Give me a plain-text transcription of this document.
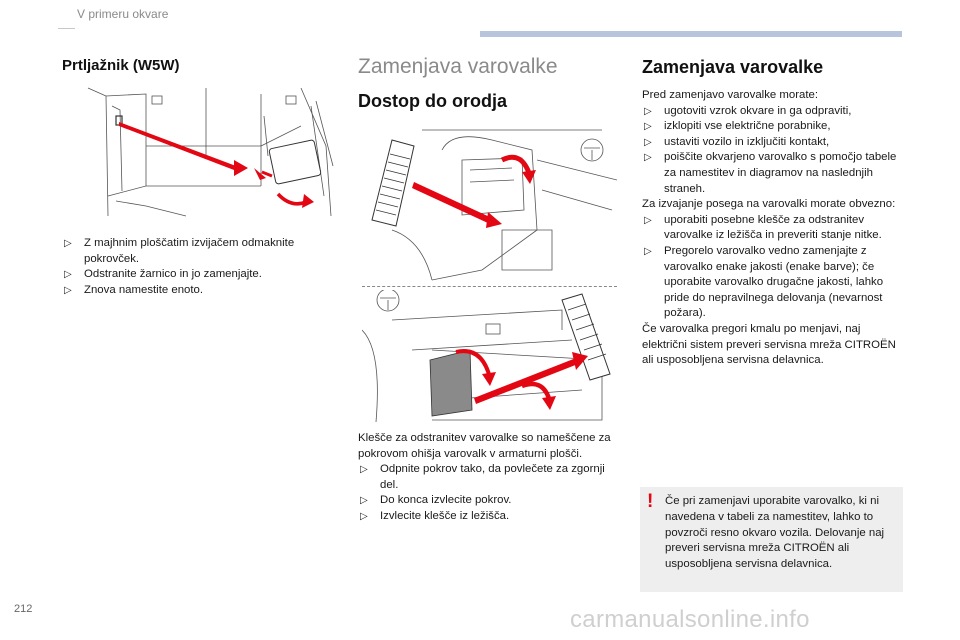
V primeru okvare
Prtljažnik (W5W)
▷ Z majhnim ploščatim izvijačem odmaknite pokrovček.
▷ Odstranite žarnico in jo zamenjajte.
▷ Znova namestite enoto.
Zamenjava varovalke
Dostop do orodja
Klešče za odstranitev varovalke so nameščene za pokrovom ohišja varovalk v armaturni plošči.
▷ Odpnite pokrov tako, da povlečete za zgornji del.
▷ Do konca izvlecite pokrov.
▷ Izvlecite klešče iz ležišča.
Zamenjava varovalke
Pred zamenjavo varovalke morate:
▷ ugotoviti vzrok okvare in ga odpraviti,
▷ izklopiti vse električne porabnike,
▷ ustaviti vozilo in izključiti kontakt,
▷ poiščite okvarjeno varovalko s pomočjo tabele za namestitev in diagramov na naslednjih straneh.
Za izvajanje posega na varovalki morate obvezno:
▷ uporabiti posebne klešče za odstranitev varovalke iz ležišča in preveriti stanje nitke.
▷ Pregorelo varovalko vedno zamenjajte z varovalko enake jakosti (enake barve); če uporabite varovalko drugačne jakosti, lahko pride do nepravilnega delovanja (nevarnost požara).
Če varovalka pregori kmalu po menjavi, naj električni sistem preveri servisna mreža CITROËN ali usposobljena servisna delavnica.
! Če pri zamenjavi uporabite varovalko, ki ni navedena v tabeli za namestitev, lahko to povzroči resno okvaro vozila. Delovanje naj preveri servisna mreža CITROËN ali usposobljena servisna delavnica.
212	carmanualsonline.info
